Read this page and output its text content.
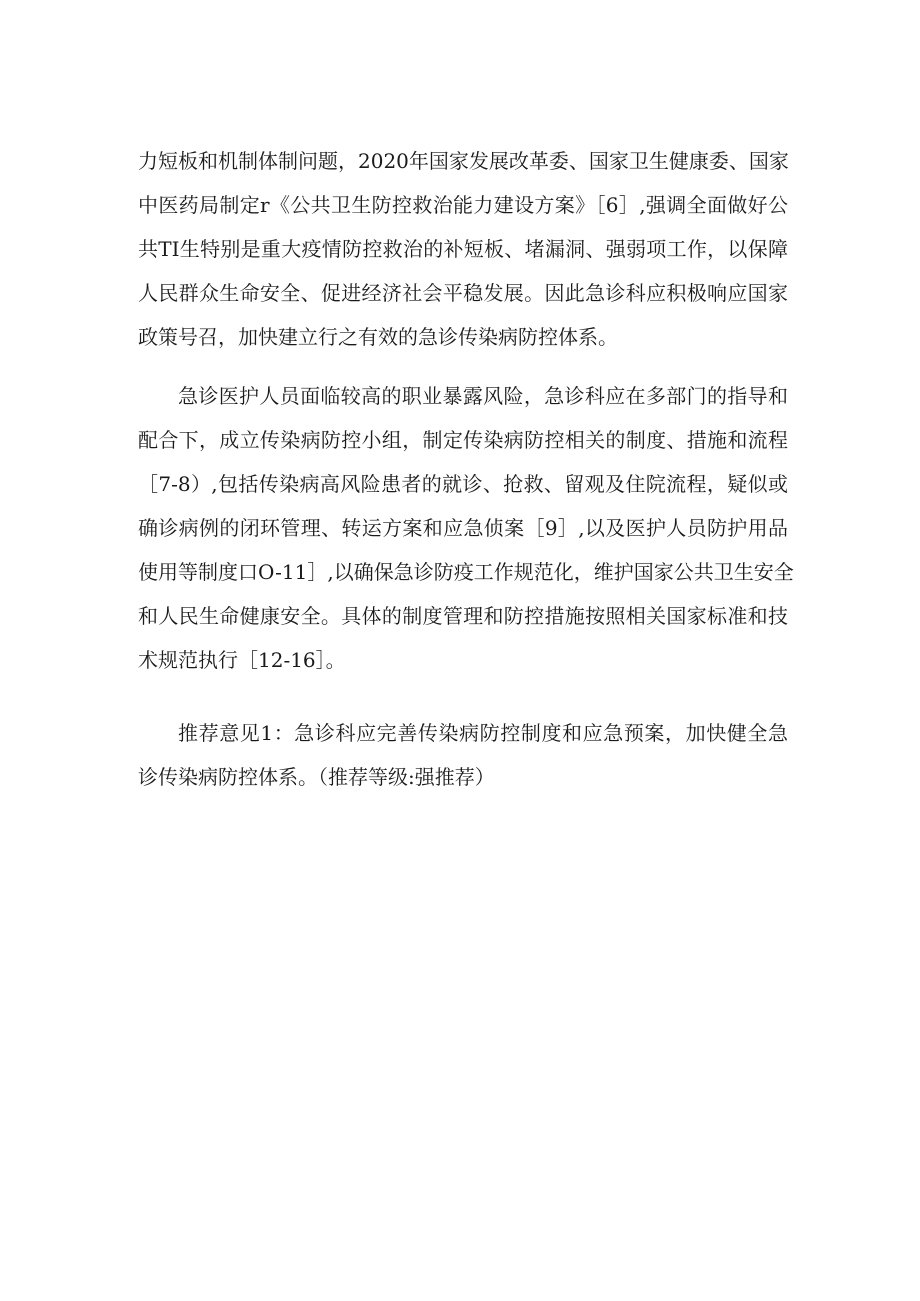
力短板和机制体制问题，2020年国家发展改革委、国家卫生健康委、国家
中医药局制定r《公共卫生防控救治能力建设方案》［6］,强调全面做好公
共TI生特别是重大疫情防控救治的补短板、堵漏洞、强弱项工作，以保障
人民群众生命安全、促进经济社会平稳发展。因此急诊科应积极响应国家
政策号召，加快建立行之有效的急诊传染病防控体系。
急诊医护人员面临较高的职业暴露风险，急诊科应在多部门的指导和
配合下，成立传染病防控小组，制定传染病防控相关的制度、措施和流程
［7-8）,包括传染病高风险患者的就诊、抢救、留观及住院流程，疑似或
确诊病例的闭环管理、转运方案和应急侦案［9］,以及医护人员防护用品
使用等制度口O-11］,以确保急诊防疫工作规范化，维护国家公共卫生安全
和人民生命健康安全。具体的制度管理和防控措施按照相关国家标准和技
术规范执行［12-16］。
推荐意见1：急诊科应完善传染病防控制度和应急预案，加快健全急
诊传染病防控体系。（推荐等级:强推荐）
